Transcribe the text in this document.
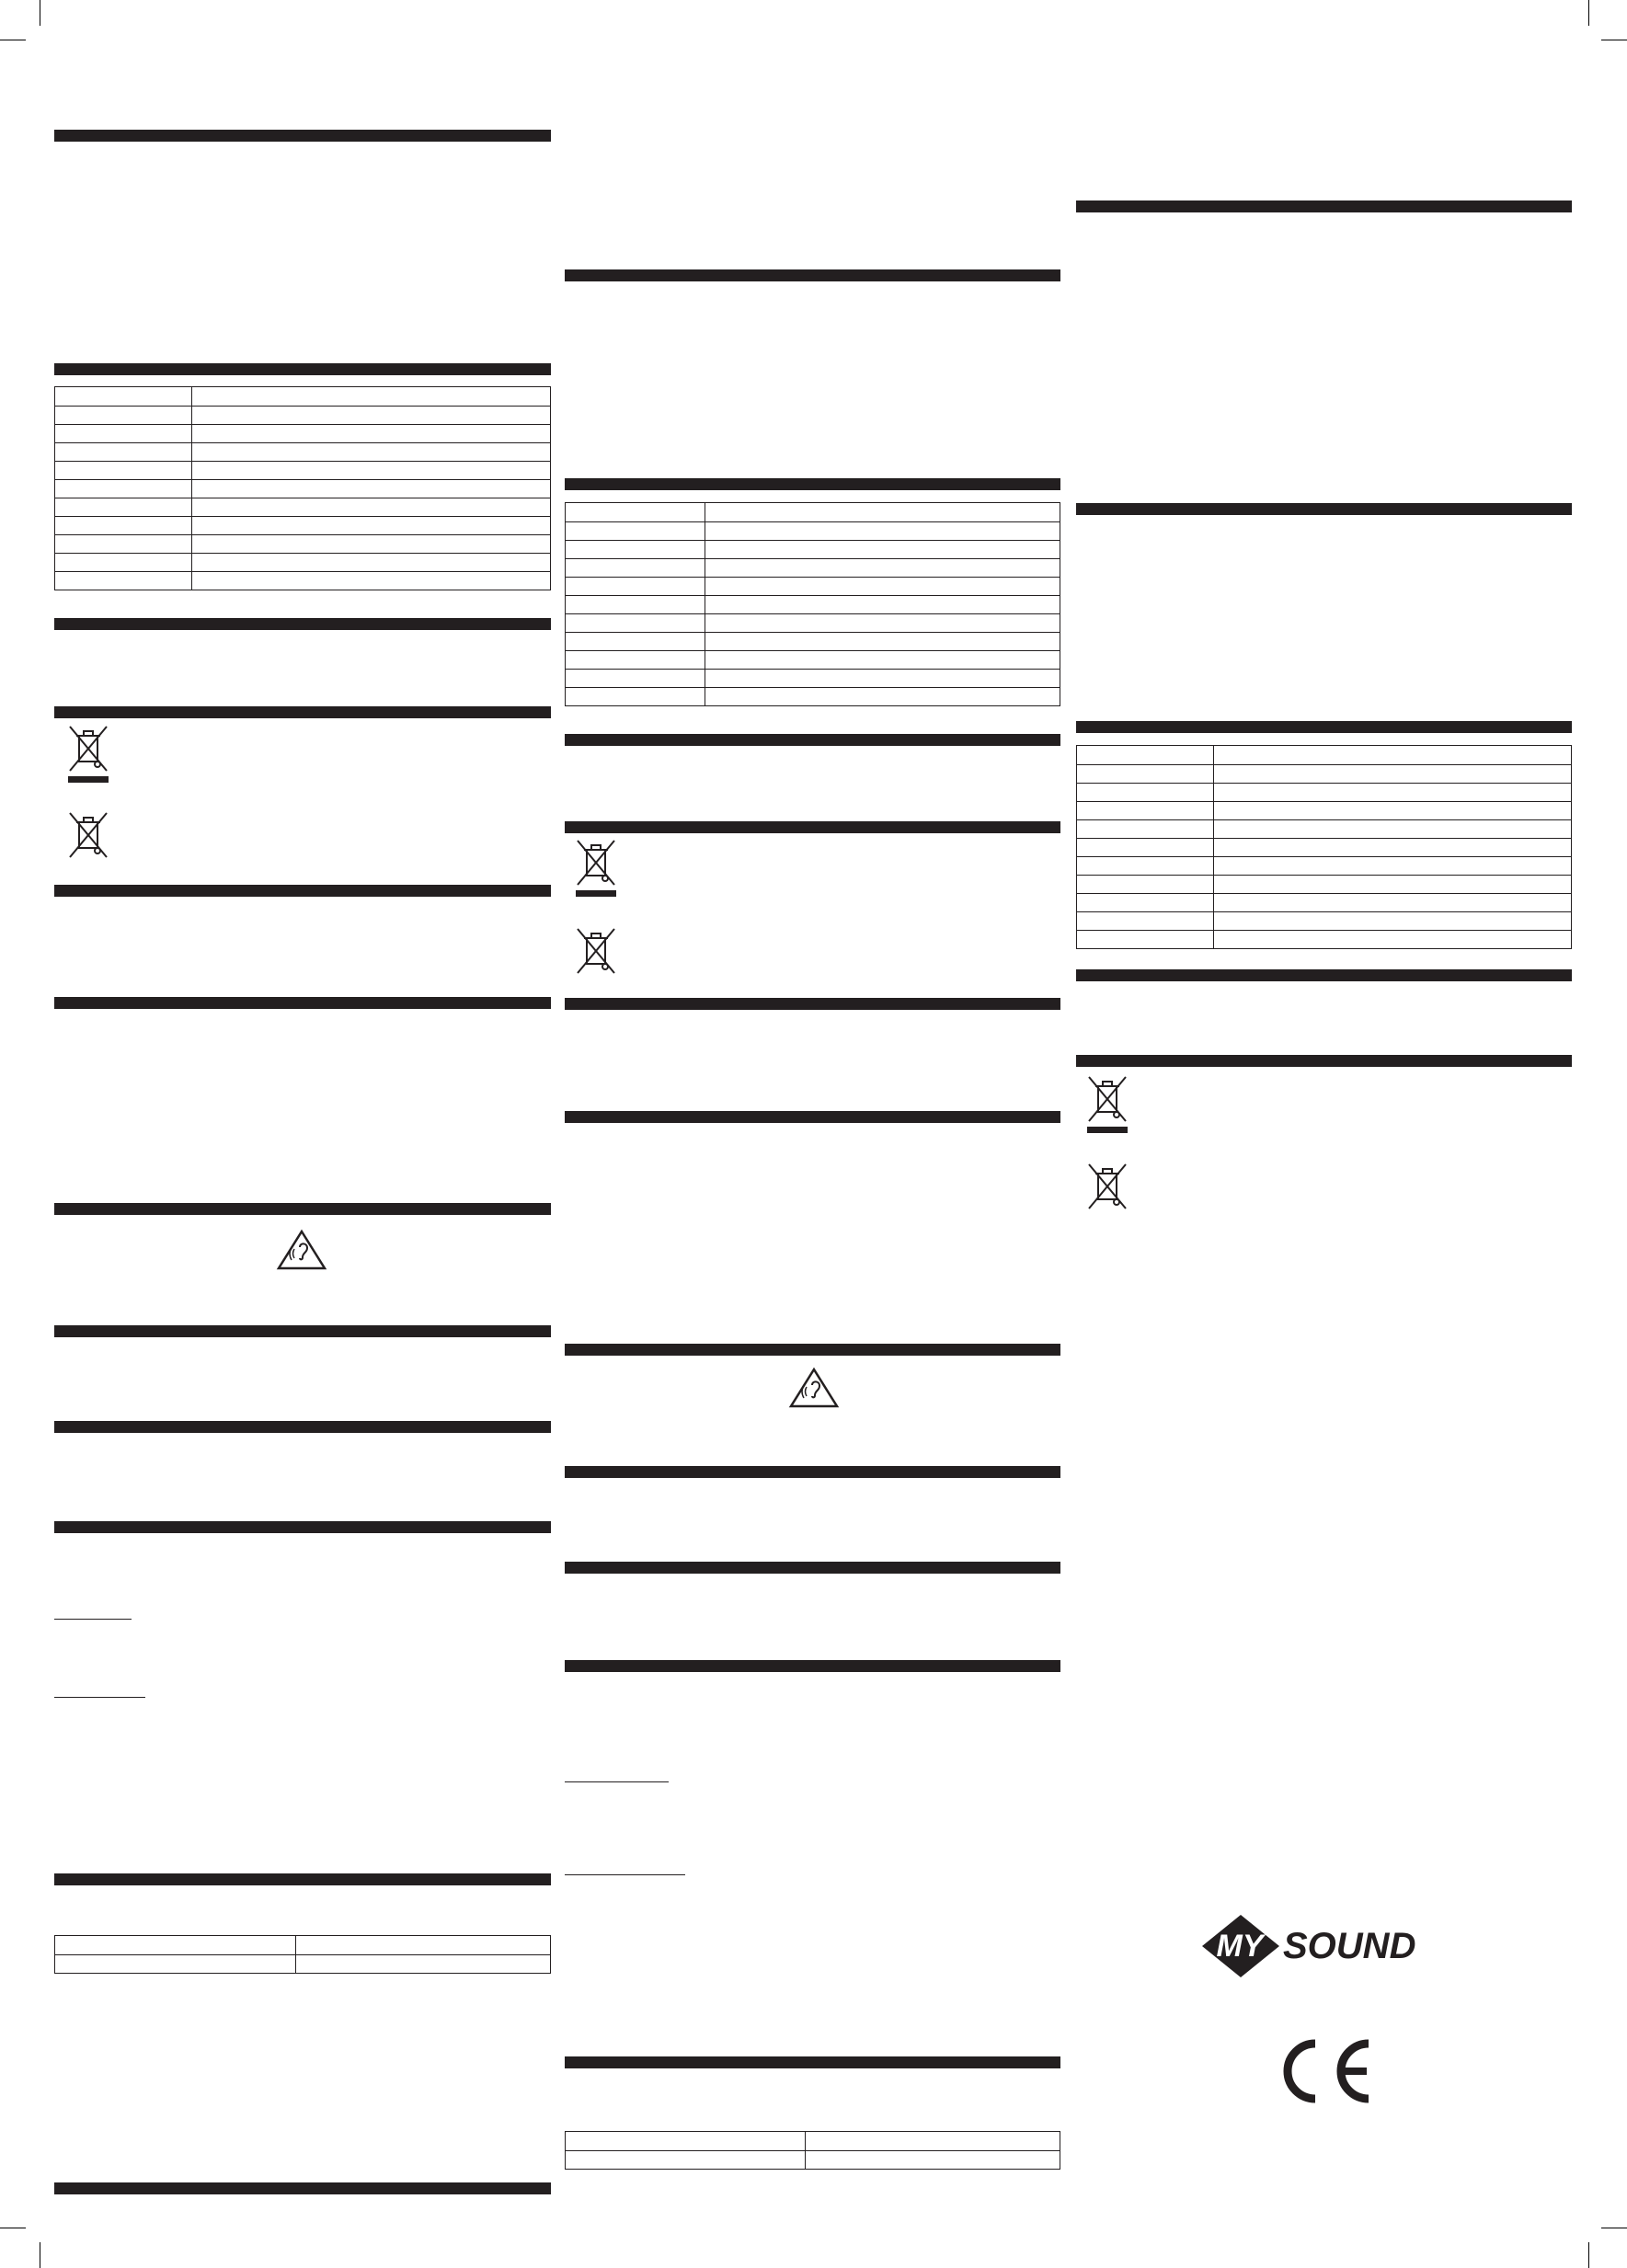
MY SOUND
